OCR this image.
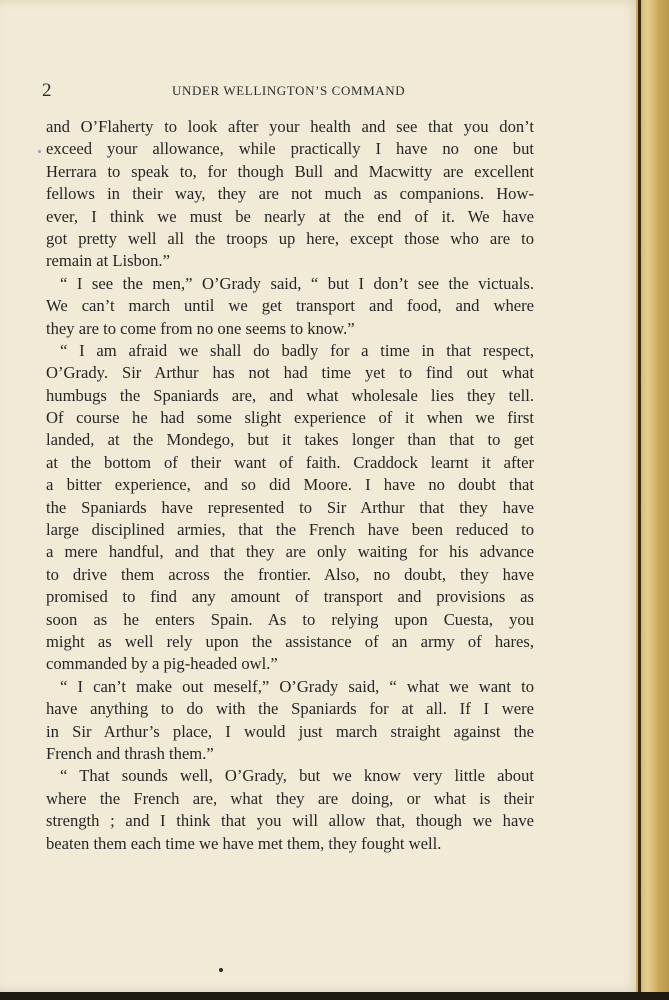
2	UNDER WELLINGTON’S COMMAND
and O’Flaherty to look after your health and see that you don’t
exceed your allowance, while practically I have no one but
Herrara to speak to, for though Bull and Macwitty are excellent
fellows in their way, they are not much as companions. How-
ever, I think we must be nearly at the end of it. We have
got pretty well all the troops up here, except those who are to
remain at Lisbon.”
“ I see the men,” O’Grady said, “ but I don’t see the victuals.
We can’t march until we get transport and food, and where
they are to come from no one seems to know.”
“ I am afraid we shall do badly for a time in that respect,
O’Grady. Sir Arthur has not had time yet to find out what
humbugs the Spaniards are, and what wholesale lies they tell.
Of course he had some slight experience of it when we first
landed, at the Mondego, but it takes longer than that to get
at the bottom of their want of faith. Craddock learnt it after
a bitter experience, and so did Moore. I have no doubt that
the Spaniards have represented to Sir Arthur that they have
large disciplined armies, that the French have been reduced to
a mere handful, and that they are only waiting for his advance
to drive them across the frontier. Also, no doubt, they have
promised to find any amount of transport and provisions as
soon as he enters Spain. As to relying upon Cuesta, you
might as well rely upon the assistance of an army of hares,
commanded by a pig-headed owl.”
“ I can’t make out meself,” O’Grady said, “ what we want to
have anything to do with the Spaniards for at all. If I were
in Sir Arthur’s place, I would just march straight against the
French and thrash them.”
“ That sounds well, O’Grady, but we know very little about
where the French are, what they are doing, or what is their
strength ; and I think that you will allow that, though we have
beaten them each time we have met them, they fought well.
